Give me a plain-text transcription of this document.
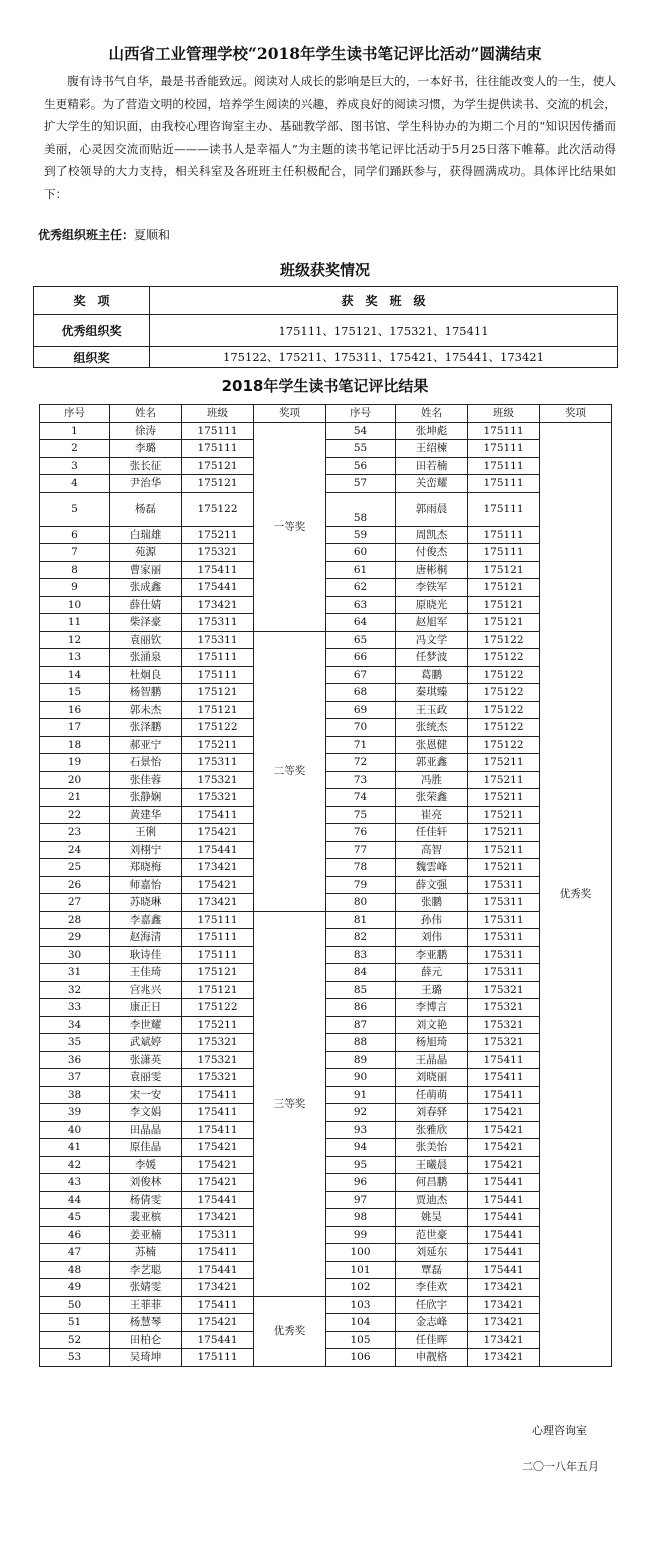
山西省工业管理学校“2018年学生读书笔记评比活动”圆满结束
腹有诗书气自华，最是书香能致远。阅读对人成长的影响是巨大的，一本好书，往往能改变人的一生，使人生更精彩。为了营造文明的校园，培养学生阅读的兴趣，养成良好的阅读习惯，为学生提供读书、交流的机会，扩大学生的知识面，由我校心理咨询室主办、基础教学部、图书馆、学生科协办的为期二个月的“知识因传播而美丽，心灵因交流而贴近———读书人是幸福人”为主题的读书笔记评比活动于5月25日落下帷幕。此次活动得到了校领导的大力支持，相关科室及各班班主任积极配合，同学们踊跃参与，获得圆满成功。具体评比结果如下：
优秀组织班主任：夏顺和
班级获奖情况
奖　项	获　奖　班　级
优秀组织奖	175111、175121、175321、175411
组织奖	175122、175211、175311、175421、175441、173421
2018年学生读书笔记评比结果
序号	姓名	班级	奖项	序号	姓名	班级	奖项
1	徐涛	175111	一等奖	54	张坤彪	175111	优秀奖
2	李璐	175111		55	王绍楝	175111	
3	张长征	175121		56	田若楠	175111	
4	尹治华	175121		57	关峦耀	175111	
5	杨磊	175122		58	郭雨晨	175111	
6	白瑞雄	175211		59	周凯杰	175111	
7	苑源	175321		60	付俊杰	175111	
8	曹家丽	175411		61	唐彬桐	175121	
9	张成鑫	175441		62	李铁军	175121	
10	薛仕婧	173421		63	原晓光	175121	
11	柴泽豪	175311		64	赵旭军	175121	
12	袁丽钦	175311	二等奖	65	冯文学	175122	
13	张涌泉	175111		66	任梦波	175122	
14	杜炯良	175111		67	葛鹏	175122	
15	杨智鹏	175121		68	秦琪臻	175122	
16	郭未杰	175121		69	王玉政	175122	
17	张泽鹏	175122		70	张统杰	175122	
18	郝亚宁	175211		71	张恩健	175122	
19	石景怡	175311		72	郭亚鑫	175211	
20	张佳蓉	175321		73	冯胜	175211	
21	张静娴	175321		74	张荣鑫	175211	
22	黄建华	175411		75	崔亮	175211	
23	王俐	175421		76	任佳轩	175211	
24	刘栩宁	175441		77	高智	175211	
25	郑晓梅	173421		78	魏雲峰	175211	
26	师嘉怡	175421		79	薛文强	175311	
27	苏晓琳	173421		80	张鹏	175311	
28	李嘉鑫	175111	三等奖	81	孙伟	175311	
29	赵海清	175111		82	刘伟	175311	
30	耿诗佳	175111		83	李亚鹏	175311	
31	王佳琦	175121		84	薛元	175311	
32	宫兆兴	175121		85	王璐	175321	
33	康正日	175122		86	李博言	175321	
34	李世耀	175211		87	刘文艳	175321	
35	武斌婷	175321		88	杨旭琦	175321	
36	张潇英	175321		89	王晶晶	175411	
37	袁丽雯	175321		90	刘晓丽	175411	
38	宋一安	175411		91	任萌萌	175411	
39	李文娟	175411		92	刘春驿	175421	
40	田晶晶	175411		93	张雅欣	175421	
41	原佳晶	175421		94	张美怡	175421	
42	李媛	175421		95	王曦晨	175421	
43	刘俊林	175421		96	何昌鹏	175441	
44	杨倩雯	175441		97	贾迪杰	175441	
45	裴亚槟	173421		98	姚昊	175441	
46	姜亚楠	175311		99	范世豪	175441	
47	苏楠	175411		100	刘延东	175441	
48	李艺聪	175441		101	覃磊	175441	
49	张婧雯	173421		102	李佳欢	173421	
50	王菲菲	175411	优秀奖	103	任欣宇	173421	
51	杨慧琴	175421		104	金志峰	173421	
52	田柏仑	175441		105	任佳晖	173421	
53	吴琦坤	175111		106	申靓格	173421	
心理咨询室
二〇一八年五月
